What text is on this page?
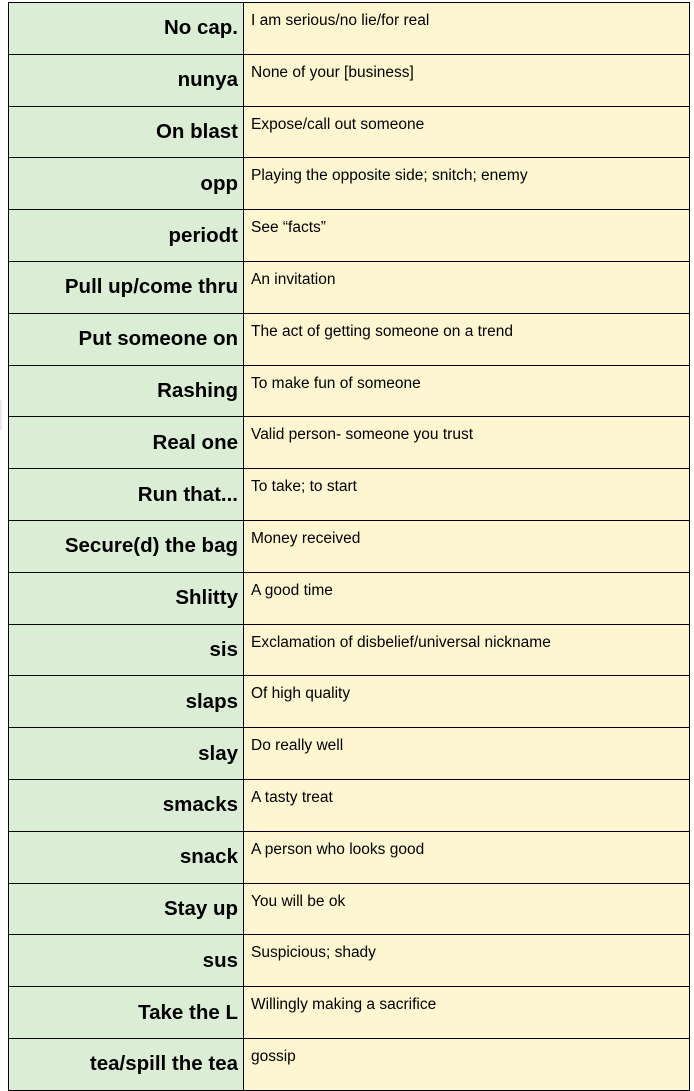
No cap.	I am serious/no lie/for real
nunya	None of your [business]
On blast	Expose/call out someone
opp	Playing the opposite side; snitch; enemy
periodt	See “facts”
Pull up/come thru	An invitation
Put someone on	The act of getting someone on a trend
Rashing	To make fun of someone
Real one	Valid person- someone you trust
Run that...	To take; to start
Secure(d) the bag	Money received
Shlitty	A good time
sis	Exclamation of disbelief/universal nickname
slaps	Of high quality
slay	Do really well
smacks	A tasty treat
snack	A person who looks good
Stay up	You will be ok
sus	Suspicious; shady
Take the L	Willingly making a sacrifice
tea/spill the tea	gossip
